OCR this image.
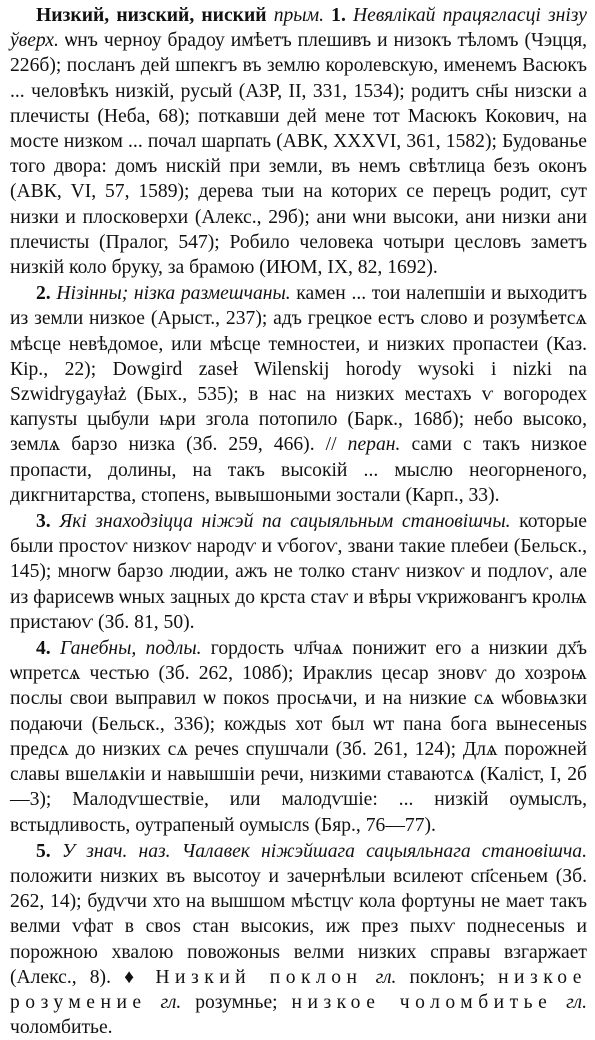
Низкий, низский, ниский прым. 1. Невялікай працягласці знізу ўверх. ѡнъ черноу брадоу имѣетъ плешивъ и низокъ тѣломъ (Чэцця, 226б); посланъ дей шпекгъ въ землю королевскую, именемъ Васюкъ ... человѣкъ низкій, русый (АЗР, II, 331, 1534); родитъ сн҃ы низски а плечисты (Неба, 68); поткавши дей мене тот Масюкъ Кокович, на мосте низком ... почал шарпать (АВК, XXXVI, 361, 1582); Будованье того двора: домъ нискій при земли, въ немъ свѣтлица безъ оконъ (АВК, VI, 57, 1589); дерева тыи на которих се перецъ родит, сут низки и плосковерхи (Алекс., 29б); ани ѡни высоки, ани низки ани плечисты (Пралог, 547); Робило человека чотыри цесловъ заметъ низкій коло бруку, за брамою (ИЮМ, IX, 82, 1692).

2. Нізінны; нізка размешчаны. камен ... тои налепшіи и выходитъ из земли низкое (Арыст., 237); адъ грецкое естъ слово и розумѣетсѧ мѣсце невѣдомое, или мѣсце темностеи, и низких пропастеи (Каз. Кір., 22); Dowgird zaseł Wilenskij horody wysoki i nizki na Szwidrygayłaż (Бых., 535); в нас на низких местахъ ѵ вогородех капуѕты цыбули ѩри згола потопило (Барк., 168б); небо высоко, землѧ барзо низка (Зб. 259, 466). // перан. сами с такъ низкое пропасти, долины, на такъ высокій ... мыслю неогорненого, дикгнитарства, стопенѕ, вывышоными зостали (Карп., 33).

3. Які знаходзіцца ніжэй па сацыяльным становішчы. которые были простоѵ низкоѵ народѵ и ѵбогоѵ, звани такие плебеи (Бельск., 145); многѡ барзо людии, ажъ не толко станѵ низкоѵ и подлоѵ, але из фарисеѡв ѡных зацных до крста стаѵ и вѣры ѵкрижовангъ кролѩ пристаюѵ (Зб. 81, 50).

4. Ганебны, подлы. гордость чл҃чаѧ понижит его а низкии дх҃ъ ѡпретсѧ честью (Зб. 262, 108б); Ираклиѕ цесар зновѵ до хозроѩ послы свои выправил ѡ покоѕ просѩчи, и на низкие сѧ ѡбовѩзки подаючи (Бельск., 336); кождыѕ хот был ѡт пана бога вынесеныѕ предсѧ до низких сѧ речеѕ спушчали (Зб. 261, 124); Длѧ порожней славы вшелѧкіи и навышшіи речи, низкими ставаютсѧ (Каліст, I, 2б—3); Малодѵшествіе, или малодѵшіе: ... низкій оумыслъ, встыдливость, оутрапеный оумыслѕ (Бяр., 76—77).

5. У знач. наз. Чалавек ніжэйшага сацыяльнага становішча. положити низких въ высотоу и зачернѣлыи всилеют сп҃сеньем (Зб. 262, 14); будѵчи хто на вышшом мѣстцѵ кола фортуны не мает такъ велми ѵфат в своѕ стан высокиѕ, иж през пыхѵ поднесеныѕ и порожною хвалою повожоныѕ велми низких справы взгаржает (Алекс., 8). ♦ Низкий поклон гл. поклонъ; низкое розумение гл. розумнье; низкое чоломбитье гл. чоломбитье.
